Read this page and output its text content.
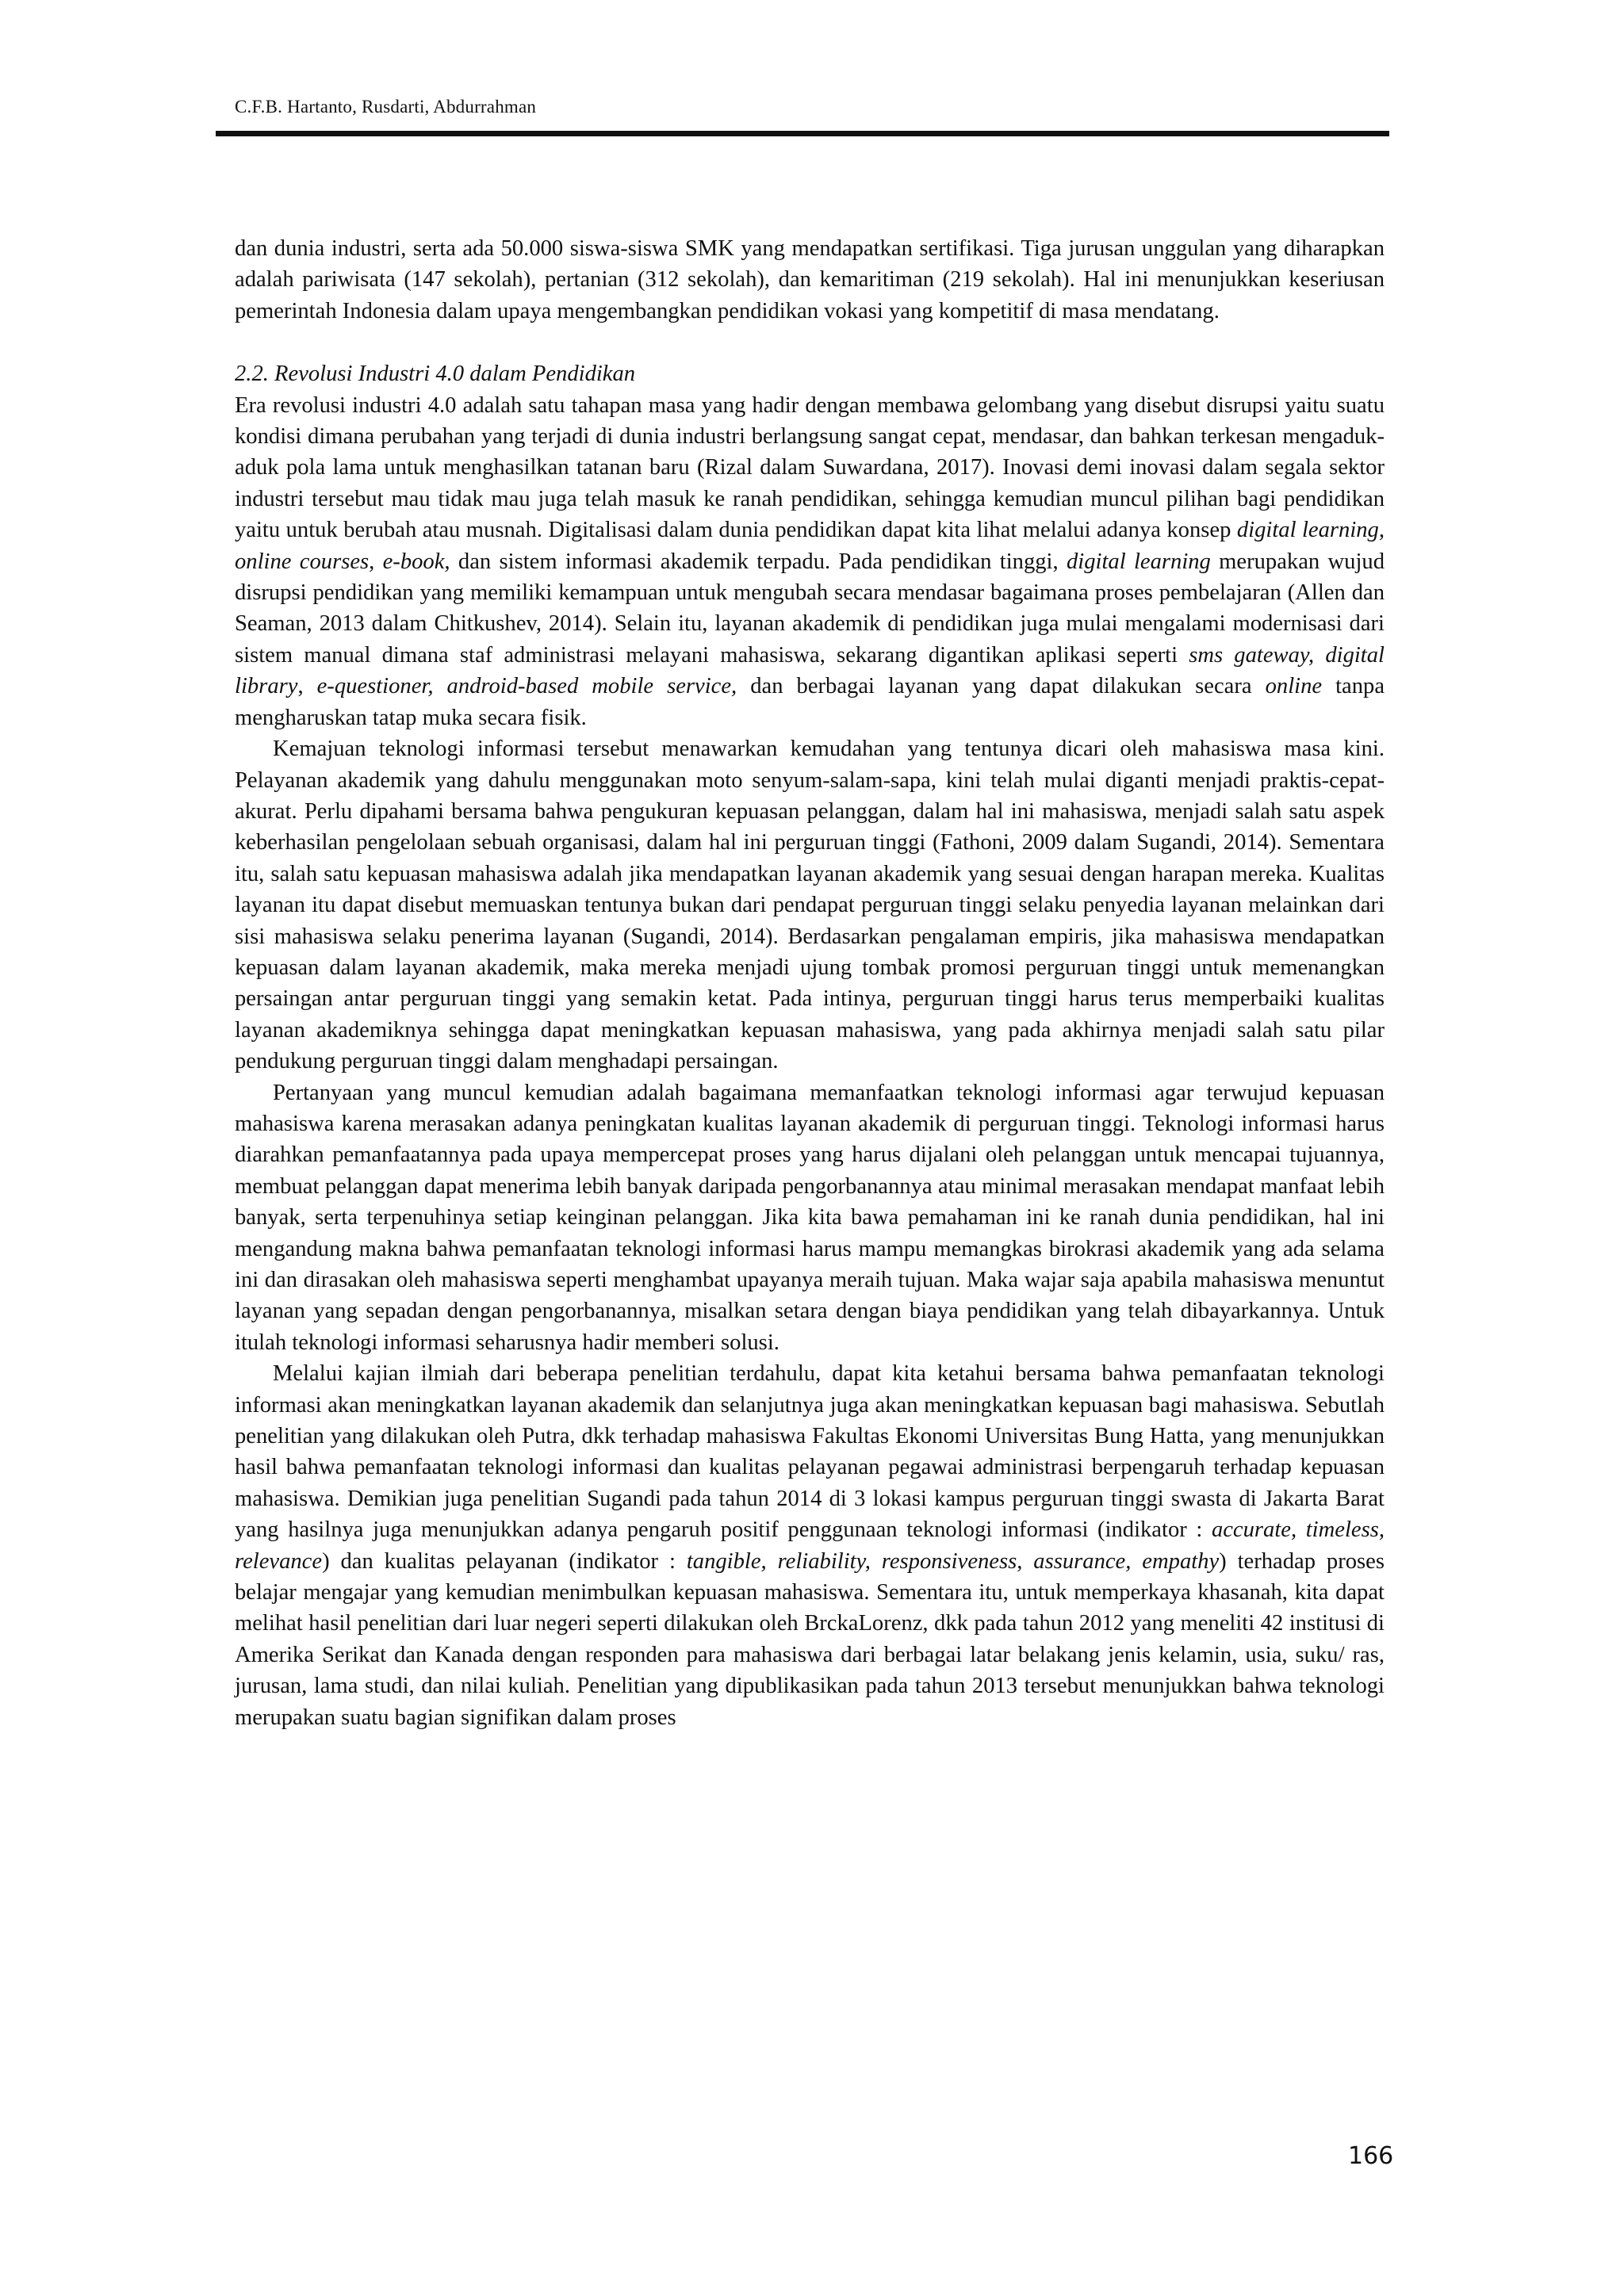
C.F.B. Hartanto, Rusdarti, Abdurrahman

dan dunia industri, serta ada 50.000 siswa-siswa SMK yang mendapatkan sertifikasi. Tiga jurusan unggulan yang diharapkan adalah pariwisata (147 sekolah), pertanian (312 sekolah), dan kemaritiman (219 sekolah). Hal ini menunjukkan keseriusan pemerintah Indonesia dalam upaya mengembangkan pendidikan vokasi yang kompetitif di masa mendatang.

2.2. Revolusi Industri 4.0 dalam Pendidikan

Era revolusi industri 4.0 adalah satu tahapan masa yang hadir dengan membawa gelombang yang disebut disrupsi yaitu suatu kondisi dimana perubahan yang terjadi di dunia industri berlangsung sangat cepat, mendasar, dan bahkan terkesan mengaduk-aduk pola lama untuk menghasilkan tatanan baru (Rizal dalam Suwardana, 2017). Inovasi demi inovasi dalam segala sektor industri tersebut mau tidak mau juga telah masuk ke ranah pendidikan, sehingga kemudian muncul pilihan bagi pendidikan yaitu untuk berubah atau musnah. Digitalisasi dalam dunia pendidikan dapat kita lihat melalui adanya konsep digital learning, online courses, e-book, dan sistem informasi akademik terpadu. Pada pendidikan tinggi, digital learning merupakan wujud disrupsi pendidikan yang memiliki kemampuan untuk mengubah secara mendasar bagaimana proses pembelajaran (Allen dan Seaman, 2013 dalam Chitkushev, 2014). Selain itu, layanan akademik di pendidikan juga mulai mengalami modernisasi dari sistem manual dimana staf administrasi melayani mahasiswa, sekarang digantikan aplikasi seperti sms gateway, digital library, e-questioner, android-based mobile service, dan berbagai layanan yang dapat dilakukan secara online tanpa mengharuskan tatap muka secara fisik.

Kemajuan teknologi informasi tersebut menawarkan kemudahan yang tentunya dicari oleh mahasiswa masa kini. Pelayanan akademik yang dahulu menggunakan moto senyum-salam-sapa, kini telah mulai diganti menjadi praktis-cepat-akurat. Perlu dipahami bersama bahwa pengukuran kepuasan pelanggan, dalam hal ini mahasiswa, menjadi salah satu aspek keberhasilan pengelolaan sebuah organisasi, dalam hal ini perguruan tinggi (Fathoni, 2009 dalam Sugandi, 2014). Sementara itu, salah satu kepuasan mahasiswa adalah jika mendapatkan layanan akademik yang sesuai dengan harapan mereka. Kualitas layanan itu dapat disebut memuaskan tentunya bukan dari pendapat perguruan tinggi selaku penyedia layanan melainkan dari sisi mahasiswa selaku penerima layanan (Sugandi, 2014). Berdasarkan pengalaman empiris, jika mahasiswa mendapatkan kepuasan dalam layanan akademik, maka mereka menjadi ujung tombak promosi perguruan tinggi untuk memenangkan persaingan antar perguruan tinggi yang semakin ketat. Pada intinya, perguruan tinggi harus terus memperbaiki kualitas layanan akademiknya sehingga dapat meningkatkan kepuasan mahasiswa, yang pada akhirnya menjadi salah satu pilar pendukung perguruan tinggi dalam menghadapi persaingan.

Pertanyaan yang muncul kemudian adalah bagaimana memanfaatkan teknologi informasi agar terwujud kepuasan mahasiswa karena merasakan adanya peningkatan kualitas layanan akademik di perguruan tinggi. Teknologi informasi harus diarahkan pemanfaatannya pada upaya mempercepat proses yang harus dijalani oleh pelanggan untuk mencapai tujuannya, membuat pelanggan dapat menerima lebih banyak daripada pengorbanannya atau minimal merasakan mendapat manfaat lebih banyak, serta terpenuhinya setiap keinginan pelanggan. Jika kita bawa pemahaman ini ke ranah dunia pendidikan, hal ini mengandung makna bahwa pemanfaatan teknologi informasi harus mampu memangkas birokrasi akademik yang ada selama ini dan dirasakan oleh mahasiswa seperti menghambat upayanya meraih tujuan. Maka wajar saja apabila mahasiswa menuntut layanan yang sepadan dengan pengorbanannya, misalkan setara dengan biaya pendidikan yang telah dibayarkannya. Untuk itulah teknologi informasi seharusnya hadir memberi solusi.

Melalui kajian ilmiah dari beberapa penelitian terdahulu, dapat kita ketahui bersama bahwa pemanfaatan teknologi informasi akan meningkatkan layanan akademik dan selanjutnya juga akan meningkatkan kepuasan bagi mahasiswa. Sebutlah penelitian yang dilakukan oleh Putra, dkk terhadap mahasiswa Fakultas Ekonomi Universitas Bung Hatta, yang menunjukkan hasil bahwa pemanfaatan teknologi informasi dan kualitas pelayanan pegawai administrasi berpengaruh terhadap kepuasan mahasiswa. Demikian juga penelitian Sugandi pada tahun 2014 di 3 lokasi kampus perguruan tinggi swasta di Jakarta Barat yang hasilnya juga menunjukkan adanya pengaruh positif penggunaan teknologi informasi (indikator : accurate, timeless, relevance) dan kualitas pelayanan (indikator : tangible, reliability, responsiveness, assurance, empathy) terhadap proses belajar mengajar yang kemudian menimbulkan kepuasan mahasiswa. Sementara itu, untuk memperkaya khasanah, kita dapat melihat hasil penelitian dari luar negeri seperti dilakukan oleh BrckaLorenz, dkk pada tahun 2012 yang meneliti 42 institusi di Amerika Serikat dan Kanada dengan responden para mahasiswa dari berbagai latar belakang jenis kelamin, usia, suku/ ras, jurusan, lama studi, dan nilai kuliah. Penelitian yang dipublikasikan pada tahun 2013 tersebut menunjukkan bahwa teknologi merupakan suatu bagian signifikan dalam proses

166
